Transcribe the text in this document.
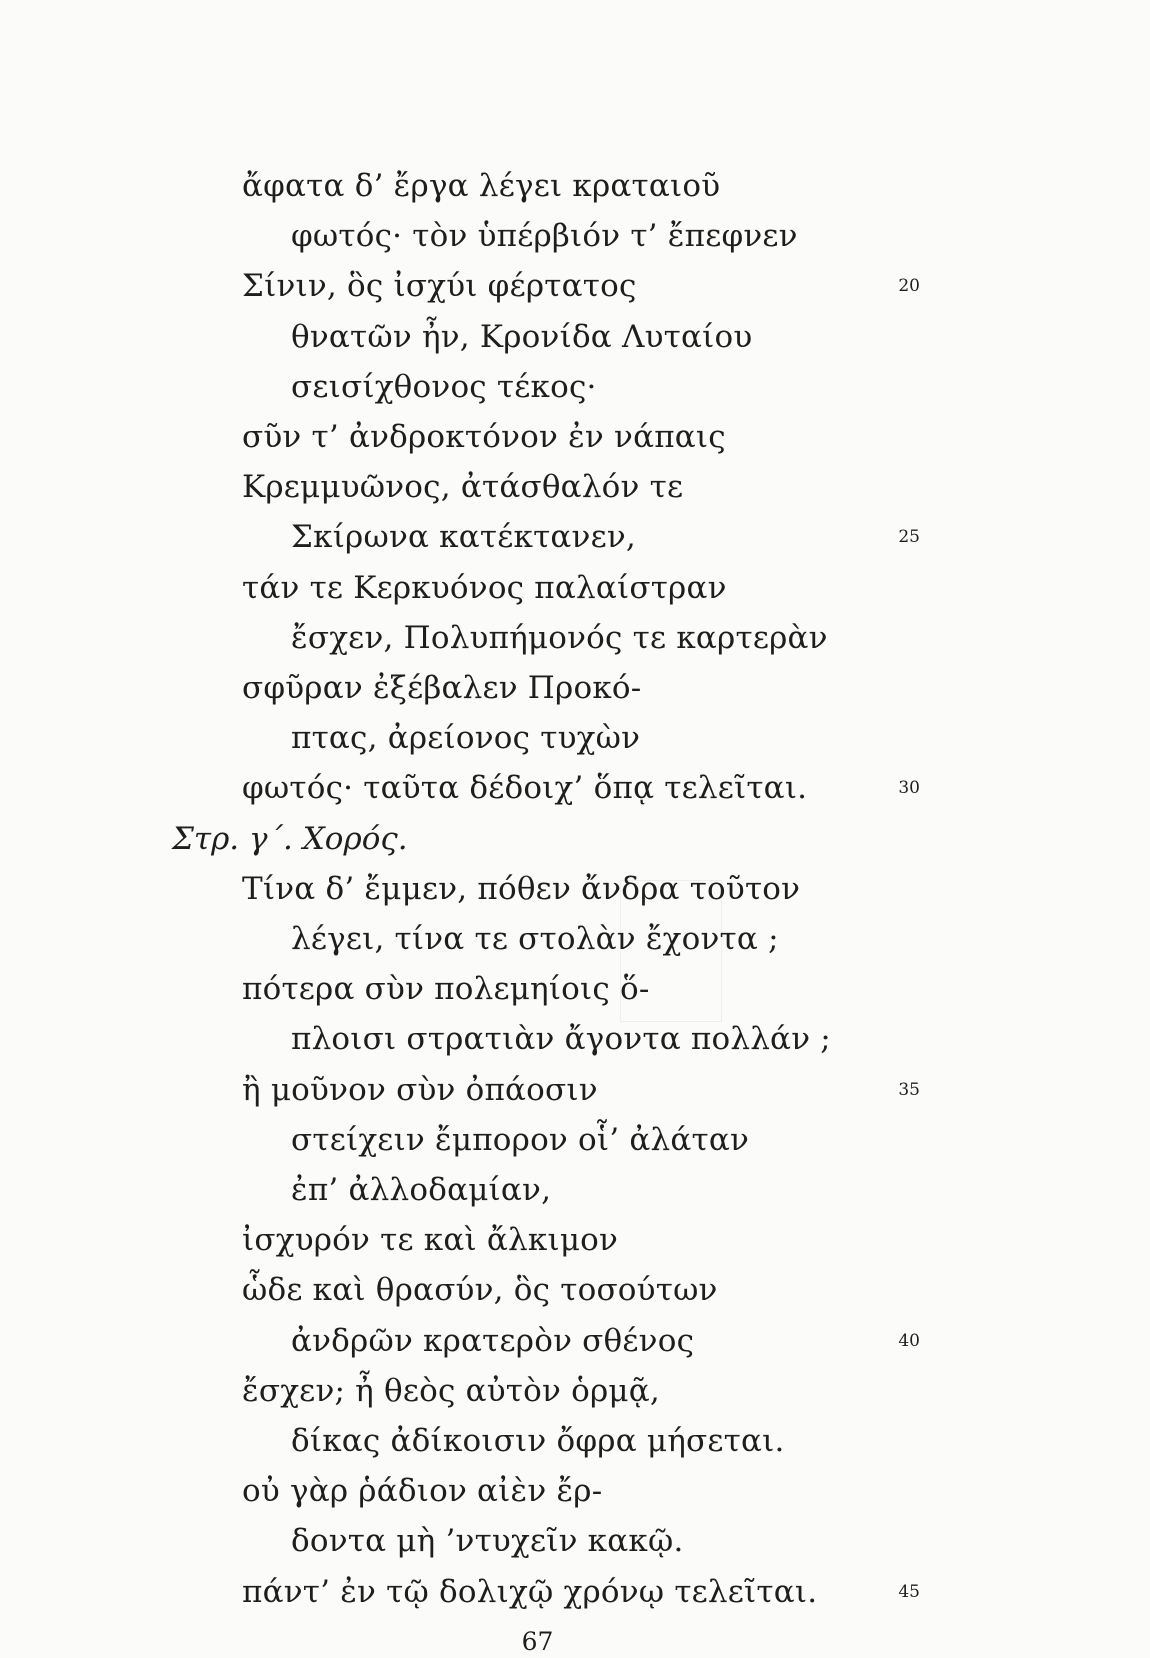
ἄφατα δ’ ἔργα λέγει κραταιοῦ
φωτός· τὸν ὑπέρβιόν τ’ ἔπεφνεν
Σίνιν, ὃς ἰσχύι φέρτατος	20
θνατῶν ἦν, Κρονίδα Λυταίου
σεισίχθονος τέκος·
σῦν τ’ ἀνδροκτόνον ἐν νάπαις
Κρεμμυῶνος, ἀτάσθαλόν τε
Σκίρωνα κατέκτανεν,	25
τάν τε Κερκυόνος παλαίστραν
ἔσχεν, Πολυπήμονός τε καρτερὰν
σφῦραν ἐξέβαλεν Προκό-
πτας, ἀρείονος τυχὼν
φωτός· ταῦτα δέδοιχ’ ὅπᾳ τελεῖται.	30
Στρ. γ΄. Χορός.
Τίνα δ’ ἔμμεν, πόθεν ἄνδρα τοῦτον
λέγει, τίνα τε στολὰν ἔχοντα ;
πότερα σὺν πολεμηίοις ὅ-
πλοισι στρατιὰν ἄγοντα πολλάν ;
ἢ μοῦνον σὺν ὀπάοσιν	35
στείχειν ἔμπορον οἷ’ ἀλάταν
ἐπ’ ἀλλοδαμίαν,
ἰσχυρόν τε καὶ ἄλκιμον
ὧδε καὶ θρασύν, ὃς τοσούτων
ἀνδρῶν κρατερὸν σθένος	40
ἔσχεν; ἦ θεὸς αὐτὸν ὁρμᾷ,
δίκας ἀδίκοισιν ὄφρα μήσεται.
οὐ γὰρ ῥάδιον αἰὲν ἔρ-
δοντα μὴ ’ντυχεῖν κακῷ.
πάντ’ ἐν τῷ δολιχῷ χρόνῳ τελεῖται.	45
67
